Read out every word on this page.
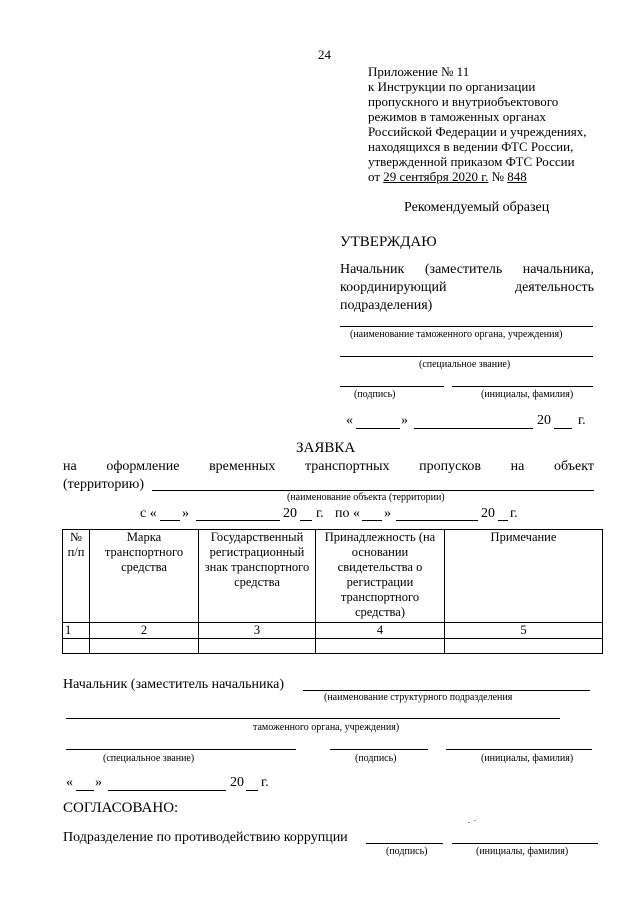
24
Приложение № 11
к Инструкции по организации
пропускного и внутриобъектового
режимов в таможенных органах
Российской Федерации и учреждениях,
находящихся в ведении ФТС России,
утвержденной приказом ФТС России
от 29 сентября 2020 г. № 848
Рекомендуемый образец
УТВЕРЖДАЮ
Начальник (заместитель начальника,
координирующий	деятельность
подразделения)
(наименование таможенного органа, учреждения)
(специальное звание)
(подпись)	(инициалы, фамилия)
«	»	20 г.
ЗАЯВКА
на оформление временных транспортных пропусков на объект
(территорию)
(наименование объекта (территории)
с « »	20 г. по « »	20 г.
№ п/п	Марка транспортного средства	Государственный регистрационный знак транспортного средства	Принадлежность (на основании свидетельства о регистрации транспортного средства)	Примечание
1	2	3	4	5

Начальник (заместитель начальника)
(наименование структурного подразделения
таможенного органа, учреждения)
(специальное звание)	(подпись)	(инициалы, фамилия)
« »	20 г.
СОГЛАСОВАНО:
Подразделение по противодействию коррупции
(подпись)	(инициалы, фамилия)
